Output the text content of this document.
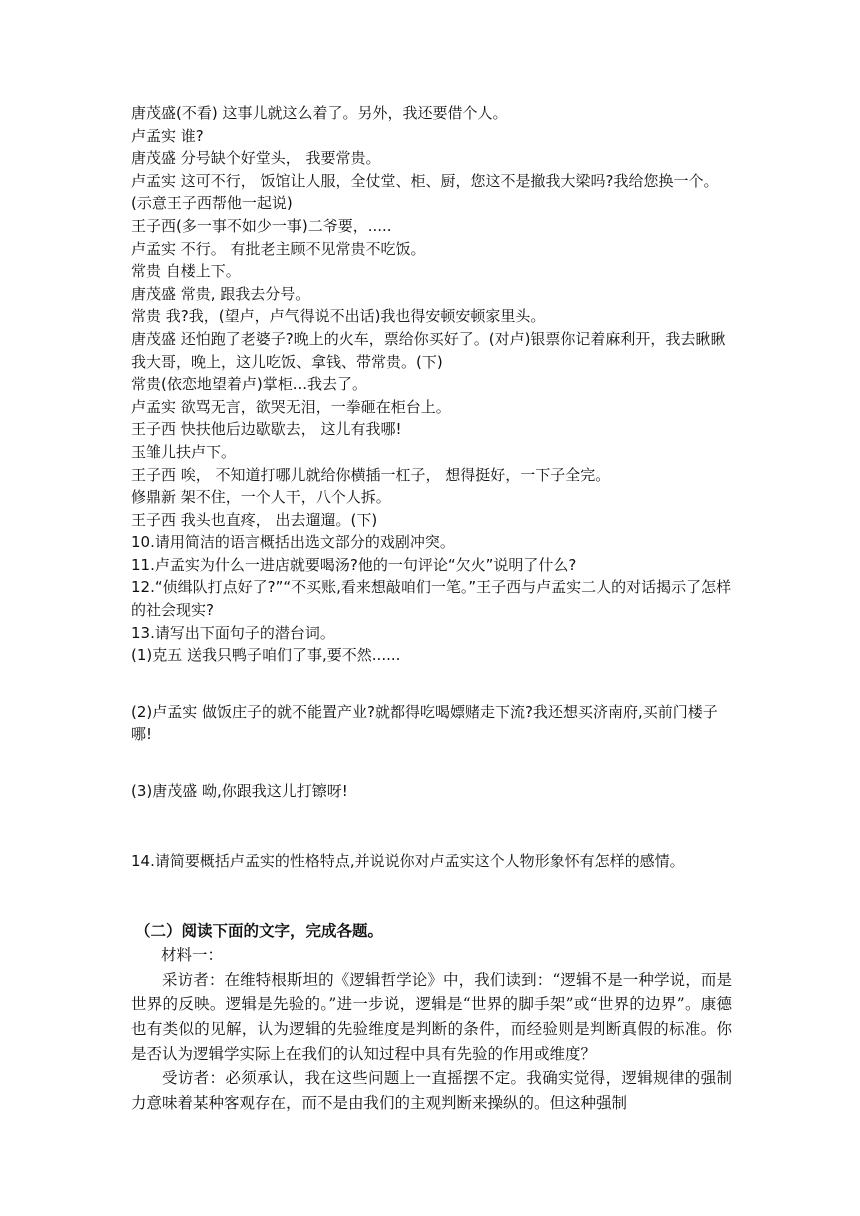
唐茂盛(不看) 这事儿就这么着了。另外，我还要借个人。
卢孟实 谁?
唐茂盛 分号缺个好堂头， 我要常贵。
卢孟实 这可不行， 饭馆让人服，全仗堂、柜、厨，您这不是撤我大梁吗?我给您换一个。(示意王子西帮他一起说)
王子西(多一事不如少一事)二爷要，.....
卢孟实 不行。 有批老主顾不见常贵不吃饭。
常贵 自楼上下。
唐茂盛 常贵, 跟我去分号。
常贵 我?我，(望卢，卢气得说不出话)我也得安顿安顿家里头。
唐茂盛 还怕跑了老婆子?晚上的火车，票给你买好了。(对卢)银票你记着麻利开，我去瞅瞅我大哥，晚上，这儿吃饭、拿钱、带常贵。(下)
常贵(依恋地望着卢)掌柜...我去了。
卢孟实 欲骂无言，欲哭无泪，一拳砸在柜台上。
王子西 快扶他后边歇歇去， 这儿有我哪!
玉雏儿扶卢下。
王子西 唉， 不知道打哪儿就给你横插一杠子， 想得挺好，一下子全完。
修鼎新 架不住，一个人干，八个人拆。
王子西 我头也直疼， 出去遛遛。(下)
10.请用简洁的语言概括出选文部分的戏剧冲突。
11.卢孟实为什么一进店就要喝汤?他的一句评论“欠火”说明了什么?
12.“侦缉队打点好了?”“不买账,看来想敲咱们一笔。”王子西与卢孟实二人的对话揭示了怎样的社会现实?
13.请写出下面句子的潜台词。
(1)克五 送我只鸭子咱们了事,要不然......
(2)卢孟实 做饭庄子的就不能置产业?就都得吃喝嫖赌走下流?我还想买济南府,买前门楼子哪!
(3)唐茂盛 呦,你跟我这儿打镲呀!
14.请简要概括卢孟实的性格特点,并说说你对卢孟实这个人物形象怀有怎样的感情。
（二）阅读下面的文字，完成各题。
材料一：
采访者：在维特根斯坦的《逻辑哲学论》中，我们读到：“逻辑不是一种学说，而是世界的反映。逻辑是先验的。”进一步说，逻辑是“世界的脚手架”或“世界的边界”。康德也有类似的见解，认为逻辑的先验维度是判断的条件，而经验则是判断真假的标准。你是否认为逻辑学实际上在我们的认知过程中具有先验的作用或维度？
受访者：必须承认，我在这些问题上一直摇摆不定。我确实觉得，逻辑规律的强制力意味着某种客观存在，而不是由我们的主观判断来操纵的。但这种强制
